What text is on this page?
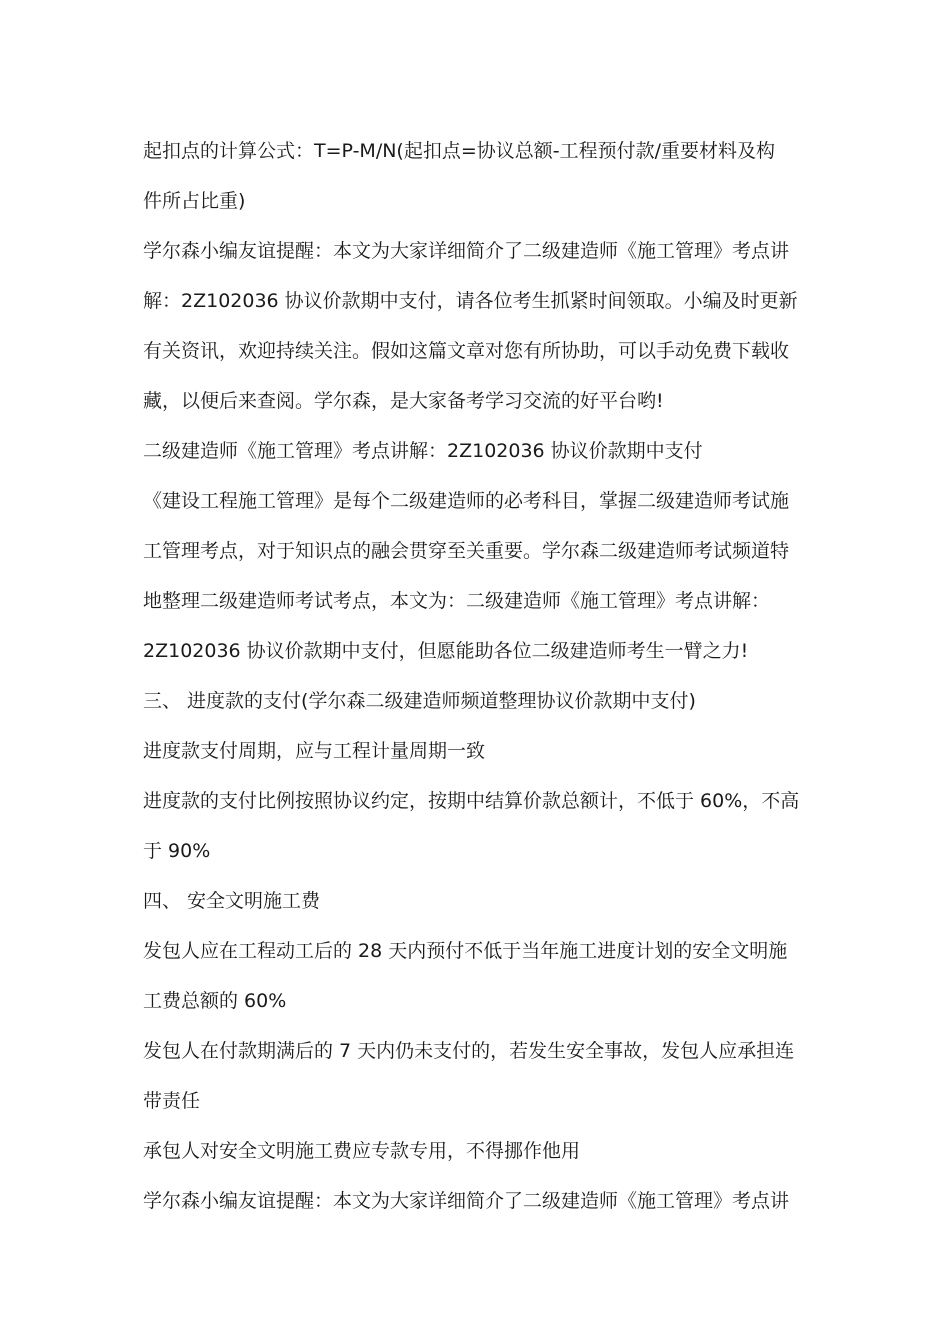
起扣点的计算公式：T=P-M/N(起扣点=协议总额-工程预付款/重要材料及构
件所占比重)

学尔森小编友谊提醒：本文为大家详细简介了二级建造师《施工管理》考点讲
解：2Z102036 协议价款期中支付，请各位考生抓紧时间领取。小编及时更新
有关资讯，欢迎持续关注。假如这篇文章对您有所协助，可以手动免费下载收
藏，以便后来查阅。学尔森，是大家备考学习交流的好平台哟!

二级建造师《施工管理》考点讲解：2Z102036 协议价款期中支付

《建设工程施工管理》是每个二级建造师的必考科目，掌握二级建造师考试施
工管理考点，对于知识点的融会贯穿至关重要。学尔森二级建造师考试频道特
地整理二级建造师考试考点，本文为：二级建造师《施工管理》考点讲解：
2Z102036 协议价款期中支付，但愿能助各位二级建造师考生一臂之力!

三、 进度款的支付(学尔森二级建造师频道整理协议价款期中支付)

进度款支付周期，应与工程计量周期一致

进度款的支付比例按照协议约定，按期中结算价款总额计，不低于 60%，不高
于 90%

四、 安全文明施工费

发包人应在工程动工后的 28 天内预付不低于当年施工进度计划的安全文明施
工费总额的 60%

发包人在付款期满后的 7 天内仍未支付的，若发生安全事故，发包人应承担连
带责任

承包人对安全文明施工费应专款专用，不得挪作他用

学尔森小编友谊提醒：本文为大家详细简介了二级建造师《施工管理》考点讲
